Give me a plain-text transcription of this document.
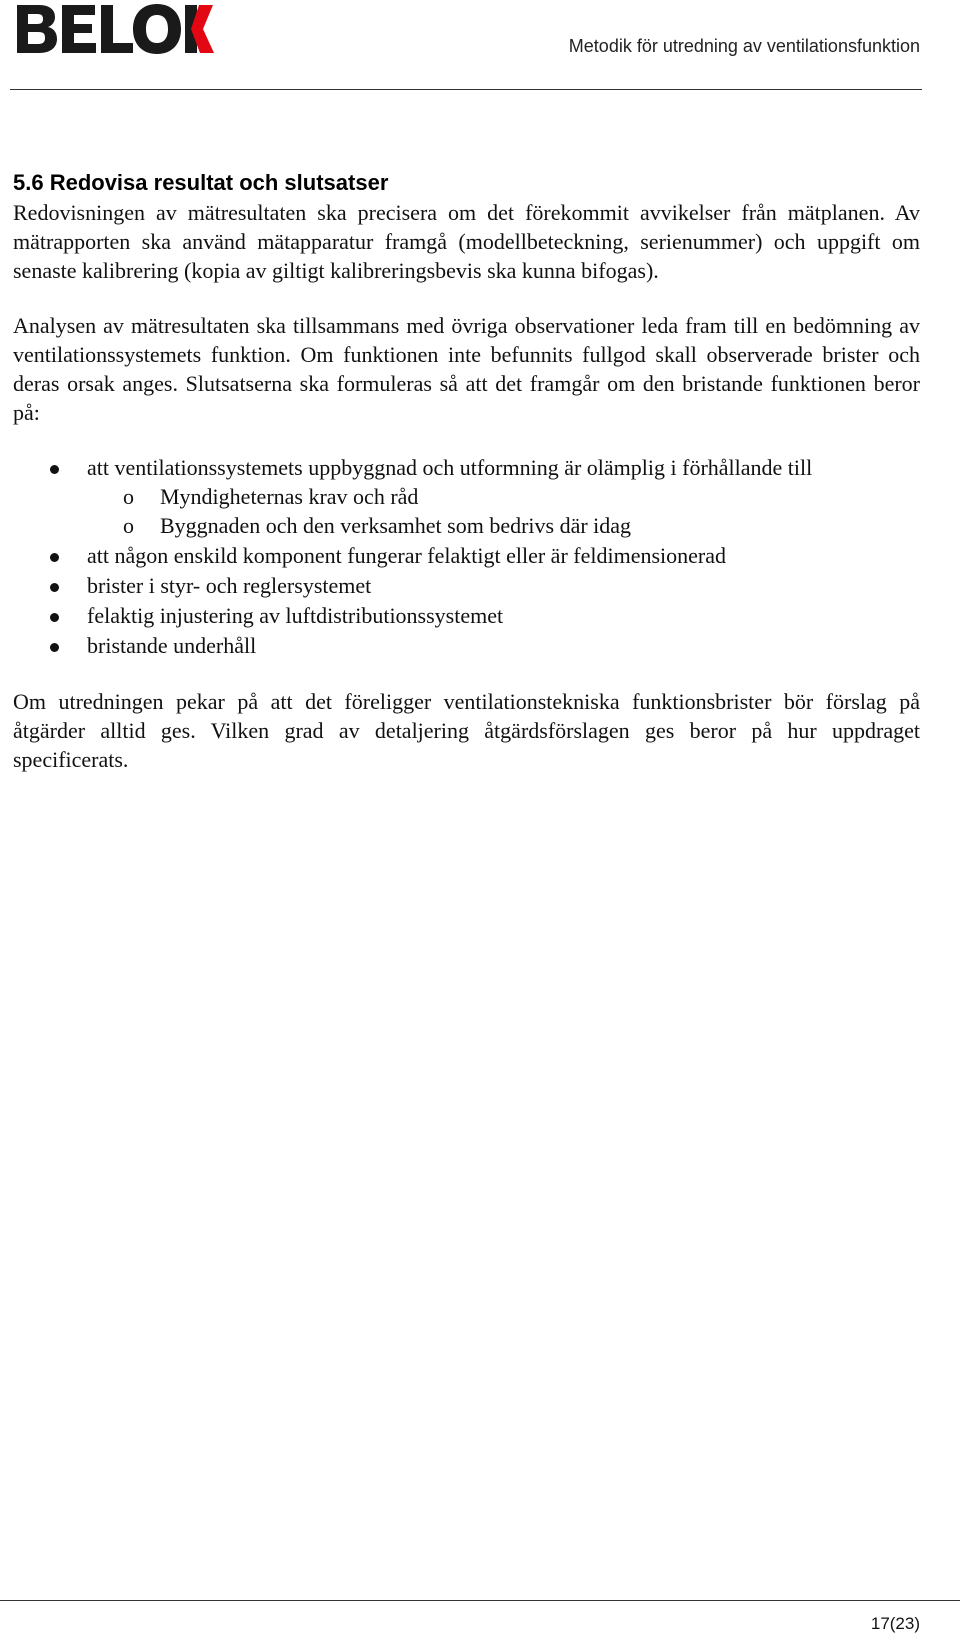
Metodik för utredning av ventilationsfunktion
5.6 Redovisa resultat och slutsatser

Redovisningen av mätresultaten ska precisera om det förekommit avvikelser från mätplanen. Av mätrapporten ska använd mätapparatur framgå (modellbeteckning, serienummer) och uppgift om senaste kalibrering (kopia av giltigt kalibreringsbevis ska kunna bifogas).

Analysen av mätresultaten ska tillsammans med övriga observationer leda fram till en bedömning av ventilationssystemets funktion. Om funktionen inte befunnits fullgod skall observerade brister och deras orsak anges. Slutsatserna ska formuleras så att det framgår om den bristande funktionen beror på:

att ventilationssystemets uppbyggnad och utformning är olämplig i förhållande till
o Myndigheternas krav och råd
o Byggnaden och den verksamhet som bedrivs där idag
att någon enskild komponent fungerar felaktigt eller är feldimensionerad
brister i styr- och reglersystemet
felaktig injustering av luftdistributionssystemet
bristande underhåll

Om utredningen pekar på att det föreligger ventilationstekniska funktionsbrister bör förslag på åtgärder alltid ges. Vilken grad av detaljering åtgärdsförslagen ges beror på hur uppdraget specificerats.

17(23)
